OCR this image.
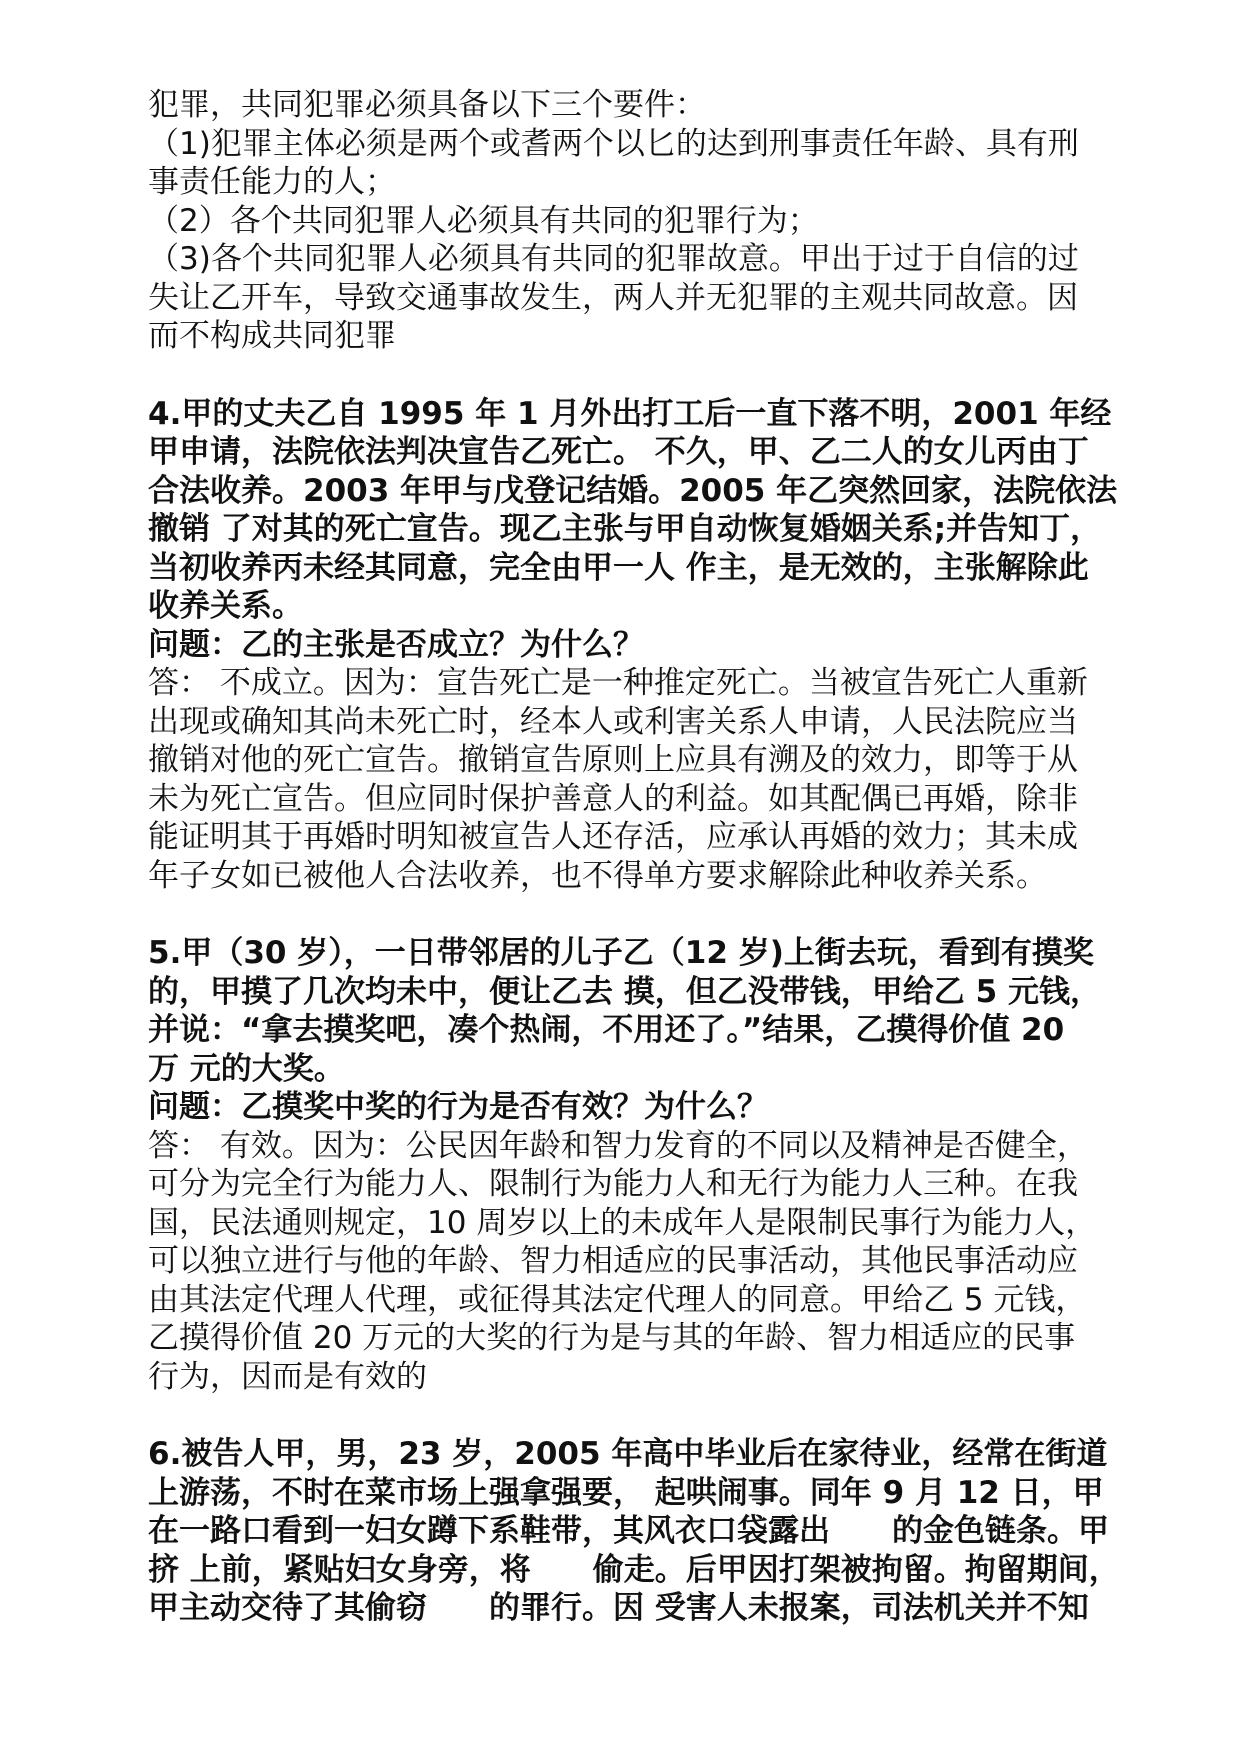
犯罪，共同犯罪必须具备以下三个要件：
（1)犯罪主体必须是两个或耆两个以匕的达到刑事责任年龄、具有刑
事责任能力的人；
（2）各个共同犯罪人必须具有共同的犯罪行为；
（3)各个共同犯罪人必须具有共同的犯罪故意。甲出于过于自信的过
失让乙开车，导致交通事故发生，两人并无犯罪的主观共同故意。因
而不构成共同犯罪
4.甲的丈夫乙自 1995 年 1 月外出打工后一直下落不明，2001 年经
甲申请，法院依法判决宣告乙死亡。 不久，甲、乙二人的女儿丙由丁
合法收养。2003 年甲与戊登记结婚。2005 年乙突然回家，法院依法
撤销 了对其的死亡宣告。现乙主张与甲自动恢复婚姻关系;并告知丁，
当初收养丙未经其同意，完全由甲一人 作主，是无效的，主张解除此
收养关系。
问题：乙的主张是否成立？为什么？
答： 不成立。因为：宣告死亡是一种推定死亡。当被宣告死亡人重新
出现或确知其尚未死亡时，经本人或利害关系人申请，人民法院应当
撤销对他的死亡宣告。撤销宣告原则上应具有溯及的效力，即等于从
未为死亡宣告。但应同时保护善意人的利益。如其配偶已再婚，除非
能证明其于再婚时明知被宣告人还存活，应承认再婚的效力；其未成
年子女如已被他人合法收养，也不得单方要求解除此种收养关系。
5.甲（30 岁），一日带邻居的儿子乙（12 岁)上街去玩，看到有摸奖
的，甲摸了几次均未中，便让乙去 摸，但乙没带钱，甲给乙 5 元钱，
并说：“拿去摸奖吧，凑个热闹，不用还了。”结果，乙摸得价值 20
万 元的大奖。
问题：乙摸奖中奖的行为是否有效？为什么？
答： 有效。因为：公民因年龄和智力发育的不同以及精神是否健全，
可分为完全行为能力人、限制行为能力人和无行为能力人三种。在我
国，民法通则规定，10 周岁以上的未成年人是限制民事行为能力人，
可以独立进行与他的年龄、智力相适应的民事活动，其他民事活动应
由其法定代理人代理，或征得其法定代理人的同意。甲给乙 5 元钱，
乙摸得价值 20 万元的大奖的行为是与其的年龄、智力相适应的民事
行为，因而是有效的
6.被告人甲，男，23 岁，2005 年高中毕业后在家待业，经常在街道
上游荡，不时在菜市场上强拿强要， 起哄闹事。同年 9 月 12 日，甲
在一路口看到一妇女蹲下系鞋带，其风衣口袋露出　　的金色链条。甲
挤 上前，紧贴妇女身旁，将　　偷走。后甲因打架被拘留。拘留期间，
甲主动交待了其偷窃　　的罪行。因 受害人未报案，司法机关并不知
